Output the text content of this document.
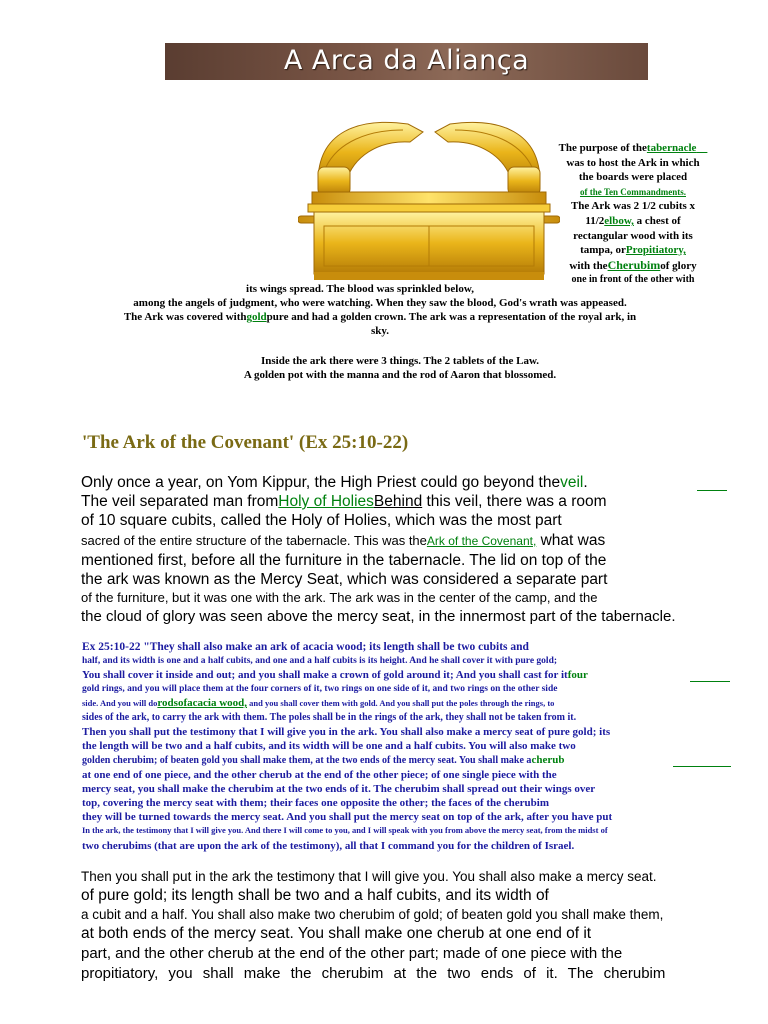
A Arca da Aliança

The purpose of thetabernacle

was to host the Ark in which

the boards were placed

of the Ten Commandments.

The Ark was 2 1/2 cubits x

11/2elbow, a chest of

rectangular wood with its

tampa, orPropitiatory,

with theCherubimof glory

one in front of the other with

its wings spread. The blood was sprinkled below,
among the angels of judgment, who were watching. When they saw the blood, God's wrath was appeased.
The Ark was covered withgoldpure and had a golden crown. The ark was a representation of the royal ark, in
sky.
Inside the ark there were 3 things. The 2 tablets of the Law.
A golden pot with the manna and the rod of Aaron that blossomed.
'The Ark of the Covenant' (Ex 25:10-22)

Only once a year, on Yom Kippur, the High Priest could go beyond theveil.

The veil separated man fromHoly of HoliesBehind this veil, there was a room

of 10 square cubits, called the Holy of Holies, which was the most part

sacred of the entire structure of the tabernacle. This was theArk of the Covenant, what was

mentioned first, before all the furniture in the tabernacle. The lid on top of the

the ark was known as the Mercy Seat, which was considered a separate part

of the furniture, but it was one with the ark. The ark was in the center of the camp, and the

the cloud of glory was seen above the mercy seat, in the innermost part of the tabernacle.

Ex 25:10-22 "They shall also make an ark of acacia wood; its length shall be two cubits and

half, and its width is one and a half cubits, and one and a half cubits is its height. And he shall cover it with pure gold;

You shall cover it inside and out; and you shall make a crown of gold around it; And you shall cast for itfour

gold rings, and you will place them at the four corners of it, two rings on one side of it, and two rings on the other side

side. And you will dorodsofacacia wood, and you shall cover them with gold. And you shall put the poles through the rings, to

sides of the ark, to carry the ark with them. The poles shall be in the rings of the ark, they shall not be taken from it.

Then you shall put the testimony that I will give you in the ark. You shall also make a mercy seat of pure gold; its

the length will be two and a half cubits, and its width will be one and a half cubits. You will also make two

golden cherubim; of beaten gold you shall make them, at the two ends of the mercy seat. You shall make acherub

at one end of one piece, and the other cherub at the end of the other piece; of one single piece with the

mercy seat, you shall make the cherubim at the two ends of it. The cherubim shall spread out their wings over

top, covering the mercy seat with them; their faces one opposite the other; the faces of the cherubim

they will be turned towards the mercy seat. And you shall put the mercy seat on top of the ark, after you have put

In the ark, the testimony that I will give you. And there I will come to you, and I will speak with you from above the mercy seat, from the midst of

two cherubims (that are upon the ark of the testimony), all that I command you for the children of Israel.

Then you shall put in the ark the testimony that I will give you. You shall also make a mercy seat.

of pure gold; its length shall be two and a half cubits, and its width of

a cubit and a half. You shall also make two cherubim of gold; of beaten gold you shall make them,

at both ends of the mercy seat. You shall make one cherub at one end of it

part, and the other cherub at the end of the other part; made of one piece with the

propitiatory, you shall make the cherubim at the two ends of it. The cherubim
